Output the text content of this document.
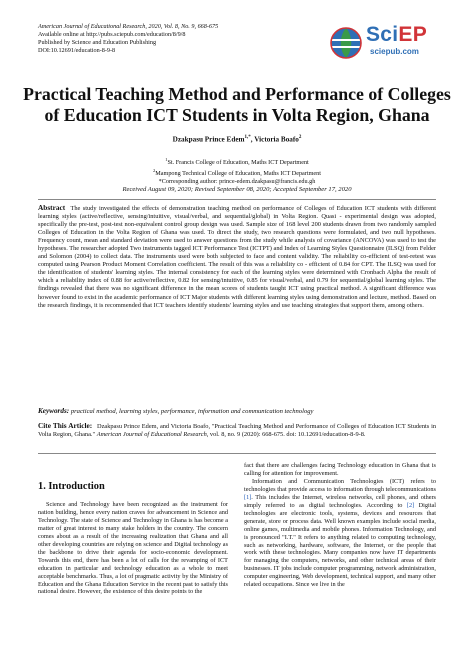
American Journal of Educational Research, 2020, Vol. 8, No. 9, 668-675
Available online at http://pubs.sciepub.com/education/8/9/8
Published by Science and Education Publishing
DOI:10.12691/education-8-9-8
SciEP
sciepub.com
Practical Teaching Method and Performance of Colleges
of Education ICT Students in Volta Region, Ghana
Dzakpasu Prince Edem$^{1,*}$, Victoria Boafo$^2$
$^1$St. Francis College of Education, Maths ICT Department
$^2$Mampong Technical College of Education, Maths ICT Department
*Corresponding author: prince-edem.dzakpasu@francis.edu.gh
Received August 09, 2020; Revised September 08, 2020; Accepted September 17, 2020
Abstract The study investigated the effects of demonstration teaching method on performance of Colleges of Education ICT students with different learning styles (active/reflective, sensing/intuitive, visual/verbal, and sequential/global) in Volta Region. Quasi - experimental design was adopted, specifically the pre-test, post-test non-equivalent control group design was used. Sample size of 168 level 200 students drawn from two randomly sampled Colleges of Education in the Volta Region of Ghana was used. To direct the study, two research questions were formulated, and two null hypotheses. Frequency count, mean and standard deviation were used to answer questions from the study while analysis of covariance (ANCOVA) was used to test the hypotheses. The researcher adopted Two instruments tagged ICT Performance Test (ICTPT) and Index of Learning Styles Questionnaire (ILSQ) from Felder and Solomon (2004) to collect data. The instruments used were both subjected to face and content validity. The reliability co-efficient of test-retest was computed using Pearson Product Moment Correlation coefficient. The result of this was a reliability co - efficient of 0.84 for CPT. The ILSQ was used for the identification of students' learning styles. The internal consistency for each of the learning styles were determined with Cronbach Alpha the result of which a reliability index of 0.88 for active/reflective, 0.82 for sensing/intuitive, 0.85 for visual/verbal, and 0.79 for sequential/global learning styles. The findings revealed that there was no significant difference in the mean scores of students taught ICT using practical method. A significant difference was however found to exist in the academic performance of ICT Major students with different learning styles using demonstration and lecture, method. Based on the research findings, it is recommended that ICT teachers identify students' learning styles and use teaching strategies that support them, among others.
Keywords: practical method, learning styles, performance, information and communication technology
Cite This Article: Dzakpasu Prince Edem, and Victoria Boafo, "Practical Teaching Method and Performance of Colleges of Education ICT Students in Volta Region, Ghana." American Journal of Educational Research, vol. 8, no. 9 (2020): 668-675. doi: 10.12691/education-8-9-8.
1. Introduction
Science and Technology have been recognized as the instrument for nation building, hence every nation craves for advancement in Science and Technology. The state of Science and Technology in Ghana is has become a matter of great interest to many stake holders in the country. The concern comes about as a result of the increasing realization that Ghana and all other developing countries are relying on science and Digital technology as the backbone to drive their agenda for socio-economic development. Towards this end, there has been a lot of calls for the revamping of ICT education in particular and technology education as a whole to meet acceptable benchmarks. Thus, a lot of pragmatic activity by the Ministry of Education and the Ghana Education Service in the recent past to satisfy this national desire. However, the existence of this desire points to the

fact that there are challenges facing Technology education in Ghana that is calling for attention for improvement.

Information and Communication Technologies (ICT) refers to technologies that provide access to information through telecommunications [1]. This includes the Internet, wireless networks, cell phones, and others simply referred to as digital technologies. According to [2] Digital technologies are electronic tools, systems, devices and resources that generate, store or process data. Well known examples include social media, online games, multimedia and mobile phones. Information Technology, and is pronounced "I.T." It refers to anything related to computing technology, such as networking, hardware, software, the Internet, or the people that work with these technologies. Many companies now have IT departments for managing the computers, networks, and other technical areas of their businesses. IT jobs include computer programming, network administration, computer engineering, Web development, technical support, and many other related occupations. Since we live in the
